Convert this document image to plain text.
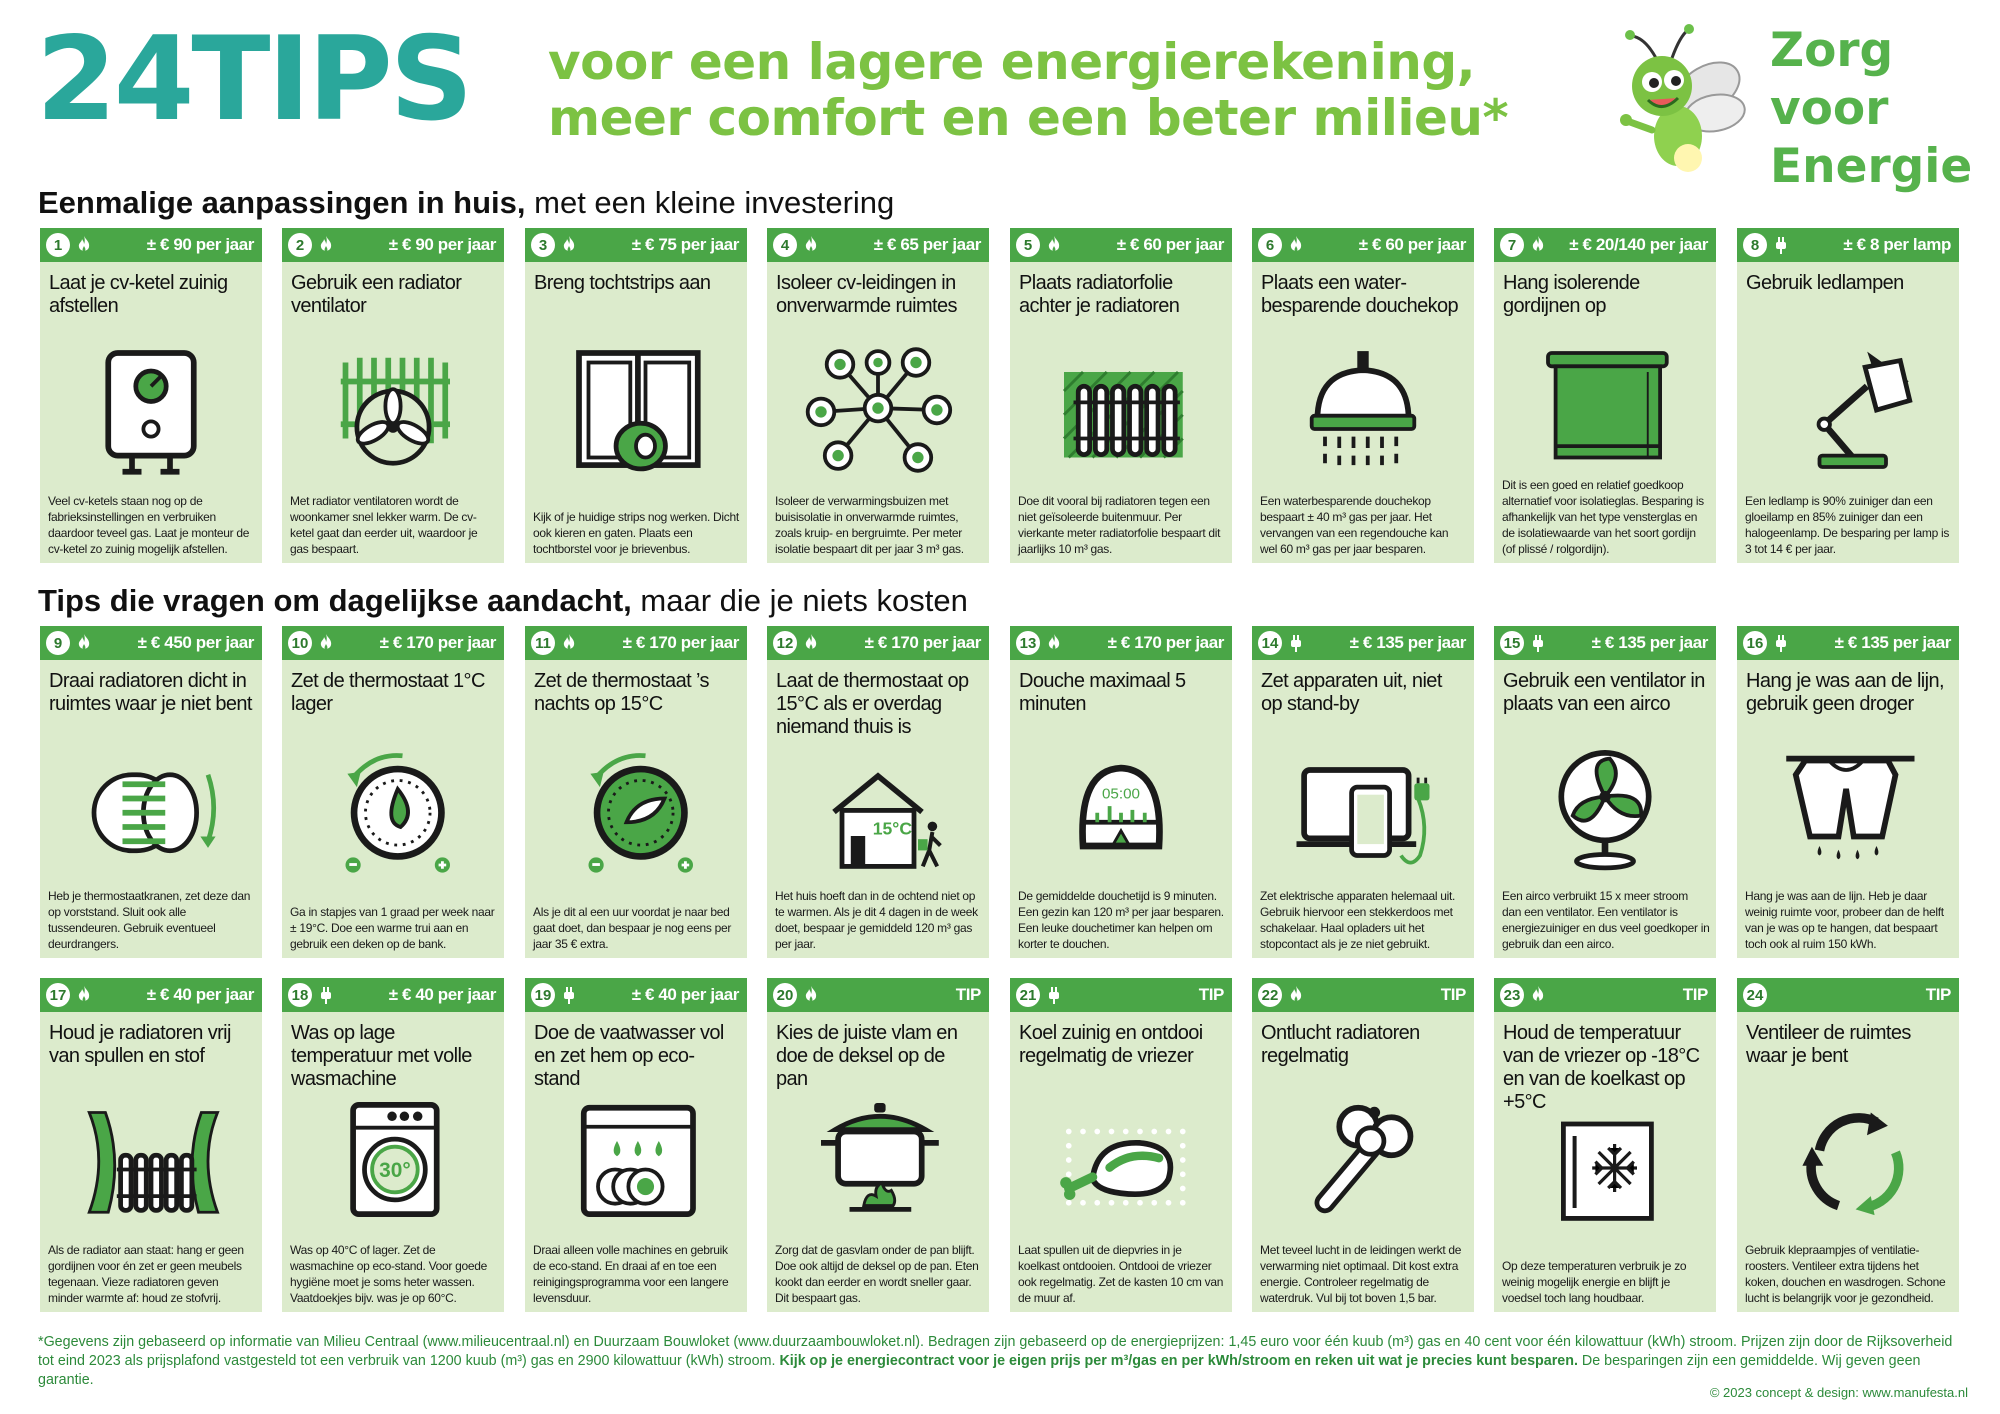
24TIPS voor een lagere energierekening,
meer comfort en een beter milieu*
Zorg
voor
Energie
Eenmalige aanpassingen in huis, met een kleine investering
Tips die vragen om dagelijkse aandacht, maar die je niets kosten
1	± € 90 per jaar
Laat je cv-ketel zuinig afstellen
Veel cv-ketels staan nog op de fabrieksinstellingen en verbruiken daardoor teveel gas. Laat je monteur de cv-ketel zo zuinig mogelijk afstellen.
2	± € 90 per jaar
Gebruik een radiator ventilator
Met radiator ventilatoren wordt de woonkamer snel lekker warm. De cv-ketel gaat dan eerder uit, waardoor je gas bespaart.
3	± € 75 per jaar
Breng tochtstrips aan
Kijk of je huidige strips nog werken. Dicht ook kieren en gaten. Plaats een tochtborstel voor je brievenbus.
4	± € 65 per jaar
Isoleer cv-leidingen in onverwarmde ruimtes
Isoleer de verwarmingsbuizen met buisisolatie in onverwarmde ruimtes, zoals kruip- en bergruimte. Per meter isolatie bespaart dit per jaar 3 m³ gas.
5	± € 60 per jaar
Plaats radiatorfolie achter je radiatoren
Doe dit vooral bij radiatoren tegen een niet geïsoleerde buitenmuur. Per vierkante meter radiatorfolie bespaart dit jaarlijks 10 m³ gas.
6	± € 60 per jaar
Plaats een water-besparende douchekop
Een waterbesparende douchekop bespaart ± 40 m³ gas per jaar. Het vervangen van een regendouche kan wel 60 m³ gas per jaar besparen.
7	± € 20/140 per jaar
Hang isolerende gordijnen op
Dit is een goed en relatief goedkoop alternatief voor isolatieglas. Besparing is afhankelijk van het type vensterglas en de isolatiewaarde van het soort gordijn (of plissé / rolgordijn).
8	± € 8 per lamp
Gebruik ledlampen
Een ledlamp is 90% zuiniger dan een gloeilamp en 85% zuiniger dan een halogeenlamp. De besparing per lamp is 3 tot 14 € per jaar.
9	± € 450 per jaar
Draai radiatoren dicht in ruimtes waar je niet bent
Heb je thermostaatkranen, zet deze dan op vorststand. Sluit ook alle tussendeuren. Gebruik eventueel deurdrangers.
10	± € 170 per jaar
Zet de thermostaat 1°C lager
Ga in stapjes van 1 graad per week naar ± 19°C. Doe een warme trui aan en gebruik een deken op de bank.
11	± € 170 per jaar
Zet de thermostaat ’s nachts op 15°C
Als je dit al een uur voordat je naar bed gaat doet, dan bespaar je nog eens per jaar 35 € extra.
12	± € 170 per jaar
Laat de thermostaat op 15°C als er overdag niemand thuis is
15°C
Het huis hoeft dan in de ochtend niet op te warmen. Als je dit 4 dagen in de week doet, bespaar je gemiddeld 120 m³ gas per jaar.
13	± € 170 per jaar
Douche maximaal 5 minuten
05:00
De gemiddelde douchetijd is 9 minuten. Een gezin kan 120 m³ per jaar besparen. Een leuke douchetimer kan helpen om korter te douchen.
14	± € 135 per jaar
Zet apparaten uit, niet op stand-by
Zet elektrische apparaten helemaal uit. Gebruik hiervoor een stekkerdoos met schakelaar. Haal opladers uit het stopcontact als je ze niet gebruikt.
15	± € 135 per jaar
Gebruik een ventilator in plaats van een airco
Een airco verbruikt 15 x meer stroom dan een ventilator. Een ventilator is energiezuiniger en dus veel goedkoper in gebruik dan een airco.
16	± € 135 per jaar
Hang je was aan de lijn, gebruik geen droger
Hang je was aan de lijn. Heb je daar weinig ruimte voor, probeer dan de helft van je was op te hangen, dat bespaart toch ook al ruim 150 kWh.
17	± € 40 per jaar
Houd je radiatoren vrij van spullen en stof
Als de radiator aan staat: hang er geen gordijnen voor én zet er geen meubels tegenaan. Vieze radiatoren geven minder warmte af: houd ze stofvrij.
18	± € 40 per jaar
Was op lage temperatuur met volle wasmachine
30°
Was op 40°C of lager. Zet de wasmachine op eco-stand. Voor goede hygiëne moet je soms heter wassen. Vaatdoekjes bijv. was je op 60°C.
19	± € 40 per jaar
Doe de vaatwasser vol en zet hem op eco-stand
Draai alleen volle machines en gebruik de eco-stand. En draai af en toe een reinigingsprogramma voor een langere levensduur.
20	TIP
Kies de juiste vlam en doe de deksel op de pan
Zorg dat de gasvlam onder de pan blijft. Doe ook altijd de deksel op de pan. Eten kookt dan eerder en wordt sneller gaar. Dit bespaart gas.
21	TIP
Koel zuinig en ontdooi regelmatig de vriezer
Laat spullen uit de diepvries in je koelkast ontdooien. Ontdooi de vriezer ook regelmatig. Zet de kasten 10 cm van de muur af.
22	TIP
Ontlucht radiatoren regelmatig
Met teveel lucht in de leidingen werkt de verwarming niet optimaal. Dit kost extra energie. Controleer regelmatig de waterdruk. Vul bij tot boven 1,5 bar.
23	TIP
Houd de temperatuur van de vriezer op -18°C en van de koelkast op +5°C
Op deze temperaturen verbruik je zo weinig mogelijk energie en blijft je voedsel toch lang houdbaar.
24	TIP
Ventileer de ruimtes waar je bent
Gebruik klepraampjes of ventilatie-roosters. Ventileer extra tijdens het koken, douchen en wasdrogen. Schone lucht is belangrijk voor je gezondheid.
*Gegevens zijn gebaseerd op informatie van Milieu Centraal (www.milieucentraal.nl) en Duurzaam Bouwloket (www.duurzaambouwloket.nl). Bedragen zijn gebaseerd op de energieprijzen: 1,45 euro voor één kuub (m³) gas en 40 cent voor één kilowattuur (kWh) stroom. Prijzen zijn door de Rijksoverheid tot eind 2023 als prijsplafond vastgesteld tot een verbruik van 1200 kuub (m³) gas en 2900 kilowattuur (kWh) stroom. Kijk op je energiecontract voor je eigen prijs per m³/gas en per kWh/stroom en reken uit wat je precies kunt besparen. De besparingen zijn een gemiddelde. Wij geven geen garantie.
© 2023 concept & design: www.manufesta.nl
